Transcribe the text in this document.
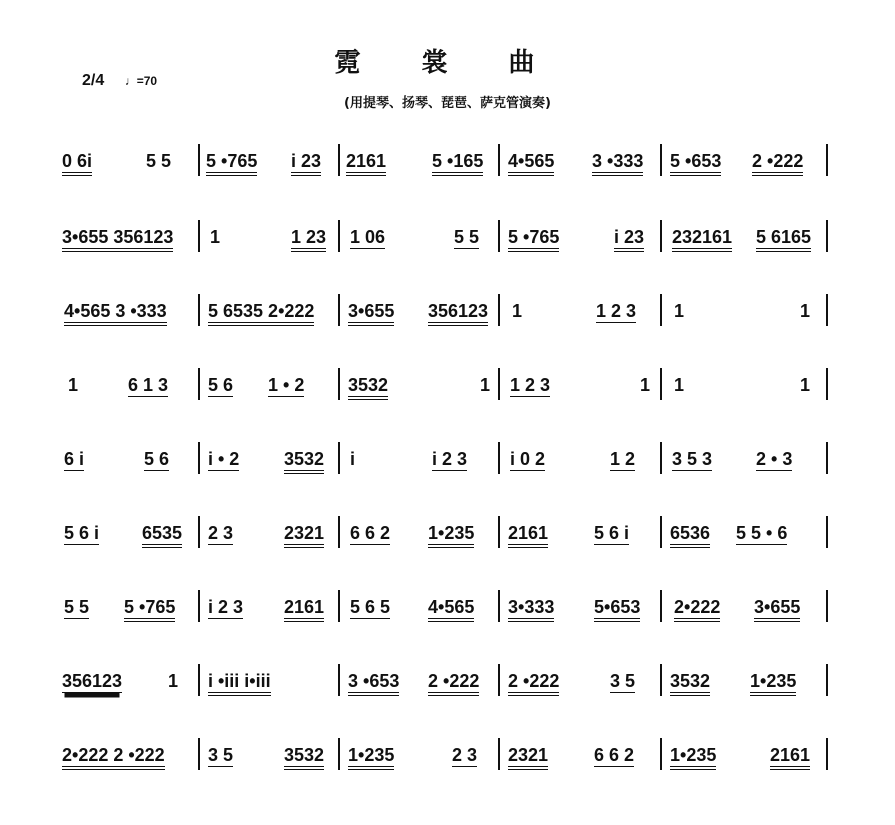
霓 裳 曲
(用提琴、扬琴、琵琶、萨克管演奏)
2/4 ♩=70
0 6i	5 5 5 •765 i 23 2161	5 •165 4•565 3 •333 5 •653 2 •222
3•655 356123 1	1 23 1 06	5 5 5 •765	i 23 232161 5 6165
4•565 3 •333 5 6535 2•222 3•655 356123 1	1 2 3 1	1
1	6 1 3 5 6 1 • 2 3532	1 1 2 3	1 1	1
6 i	5 6 i • 2 3532 i	i 2 3 i 0 2	1 2 3 5 3 2 • 3
5 6 i 6535 2 3	2321 6 6 2 1•235 2161	5 6 i 6536 5 5 • 6
5 5 5 •765 i 2 3 2161 5 6 5 4•565 3•333 5•653 2•222 3•655
356123	1 i •iii i•iii	3 •653 2 •222 2 •222	3 5 3532 1•235
2•222 2 •222 3 5	3532 1•235	2 3 2321	6 6 2 1•235	2161
